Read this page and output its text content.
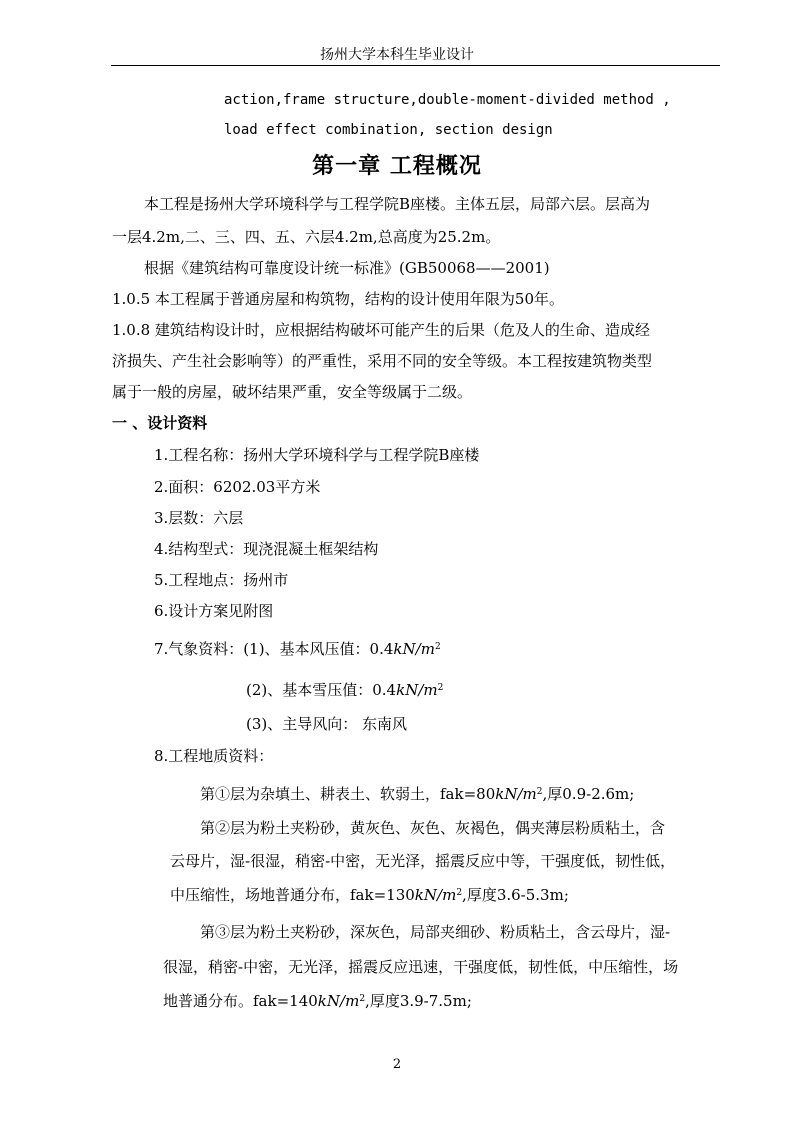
扬州大学本科生毕业设计
action,frame structure,double-moment-divided method ,
load effect combination, section design
第一章 工程概况
本工程是扬州大学环境科学与工程学院B座楼。主体五层，局部六层。层高为
一层4.2m,二、三、四、五、六层4.2m,总高度为25.2m。
根据《建筑结构可靠度设计统一标准》(GB50068——2001)
1.0.5 本工程属于普通房屋和构筑物，结构的设计使用年限为50年。
1.0.8 建筑结构设计时，应根据结构破坏可能产生的后果（危及人的生命、造成经
济损失、产生社会影响等）的严重性，采用不同的安全等级。本工程按建筑物类型
属于一般的房屋，破坏结果严重，安全等级属于二级。
一 、设计资料
1.工程名称：扬州大学环境科学与工程学院B座楼
2.面积：6202.03平方米
3.层数：六层
4.结构型式：现浇混凝土框架结构
5.工程地点：扬州市
6.设计方案见附图
7.气象资料：(1)、基本风压值：$0.4kN/m^2$
(2)、基本雪压值：$0.4kN/m^2$
(3)、主导风向： 东南风
8.工程地质资料：
第①层为杂填土、耕表土、软弱土，$fak=80kN/m^2$,厚0.9-2.6m;
第②层为粉土夹粉砂，黄灰色、灰色、灰褐色，偶夹薄层粉质粘土，含
云母片，湿-很湿，稍密-中密，无光泽，摇震反应中等，干强度低，韧性低，
中压缩性，场地普通分布，$fak=130kN/m^2$,厚度3.6-5.3m;
第③层为粉土夹粉砂，深灰色，局部夹细砂、粉质粘土，含云母片，湿-
很湿，稍密-中密，无光泽，摇震反应迅速，干强度低，韧性低，中压缩性，场
地普通分布。$fak=140kN/m^2$,厚度3.9-7.5m;
2
